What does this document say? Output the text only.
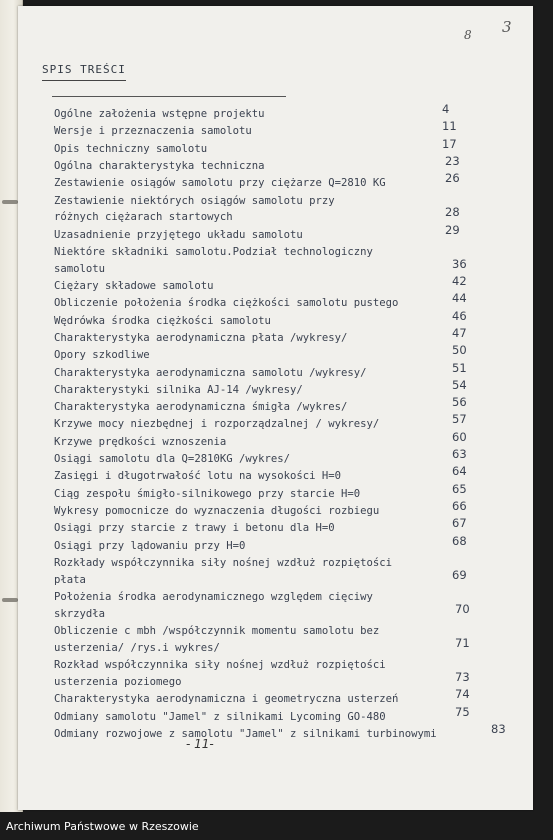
8 3
SPIS TREŚCI
Ogólne założenia wstępne projektu	4
Wersje i przeznaczenia samolotu	11
Opis techniczny samolotu	17
Ogólna charakterystyka techniczna	23
Zestawienie osiągów samolotu przy ciężarze Q=2810 KG	26
Zestawienie niektórych osiągów samolotu przy
różnych ciężarach startowych	28
Uzasadnienie przyjętego układu samolotu	29
Niektóre składniki samolotu.Podział technologiczny
samolotu	36
Ciężary składowe samolotu	42
Obliczenie położenia środka ciężkości samolotu pustego	44
Wędrówka środka ciężkości samolotu	46
Charakterystyka aerodynamiczna płata /wykresy/	47
Opory szkodliwe	50
Charakterystyka aerodynamiczna samolotu /wykresy/	51
Charakterystyki silnika AJ-14 /wykresy/	54
Charakterystyka aerodynamiczna śmigła /wykres/	56
Krzywe mocy niezbędnej i rozporządzalnej / wykresy/	57
Krzywe prędkości wznoszenia	60
Osiągi samolotu dla Q=2810KG /wykres/	63
Zasięgi i długotrwałość lotu na wysokości H=0	64
Ciąg zespołu śmigło-silnikowego przy starcie H=0	65
Wykresy pomocnicze do wyznaczenia długości rozbiegu	66
Osiągi przy starcie z trawy i betonu dla H=0	67
Osiągi przy lądowaniu przy H=0	68
Rozkłady współczynnika siły nośnej wzdłuż rozpiętości
płata	69
Położenia środka aerodynamicznego względem cięciwy
skrzydła	70
Obliczenie c mbh /współczynnik momentu samolotu bez
usterzenia/ /rys.i wykres/	71
Rozkład współczynnika siły nośnej wzdłuż rozpiętości
usterzenia poziomego	73
Charakterystyka aerodynamiczna i geometryczna usterzeń	74
Odmiany samolotu "Jamel" z silnikami Lycoming GO-480	75
Odmiany rozwojowe z samolotu "Jamel" z silnikami turbinowymi	83
- 11-
Archiwum Państwowe w Rzeszowie
